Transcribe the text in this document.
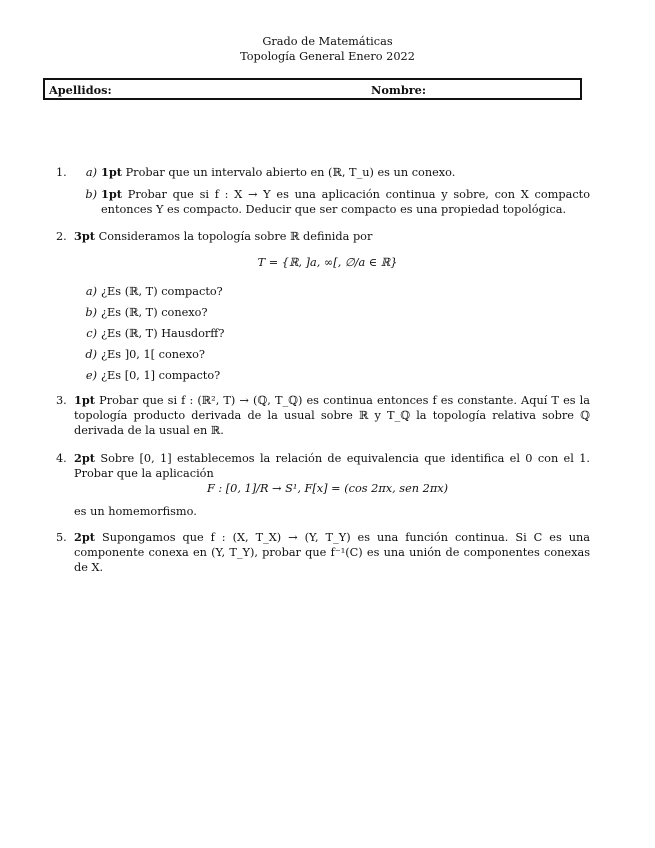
Grado de Matemáticas
Topología General Enero 2022
Apellidos:	Nombre:
1. a) 1pt Probar que un intervalo abierto en (ℝ, T_u) es un conexo.
b) 1pt Probar que si f : X → Y es una aplicación continua y sobre, con X compacto entonces Y es compacto. Deducir que ser compacto es una propiedad topológica.
2. 3pt Consideramos la topología sobre ℝ definida por
T = {ℝ, ]a, ∞[, ∅/a ∈ ℝ}
a) ¿Es (ℝ, T) compacto?
b) ¿Es (ℝ, T) conexo?
c) ¿Es (ℝ, T) Hausdorff?
d) ¿Es ]0, 1[ conexo?
e) ¿Es [0, 1] compacto?
3. 1pt Probar que si f : (ℝ², T) → (ℚ, T_ℚ) es continua entonces f es constante. Aquí T es la topología producto derivada de la usual sobre ℝ y T_ℚ la topología relativa sobre ℚ derivada de la usual en ℝ.
4. 2pt Sobre [0, 1] establecemos la relación de equivalencia que identifica el 0 con el 1. Probar que la aplicación
F : [0, 1]/R → S¹, F[x] = (cos 2πx, sen 2πx)
es un homemorfismo.
5. 2pt Supongamos que f : (X, T_X) → (Y, T_Y) es una función continua. Si C es una componente conexa en (Y, T_Y), probar que f⁻¹(C) es una unión de componentes conexas de X.
